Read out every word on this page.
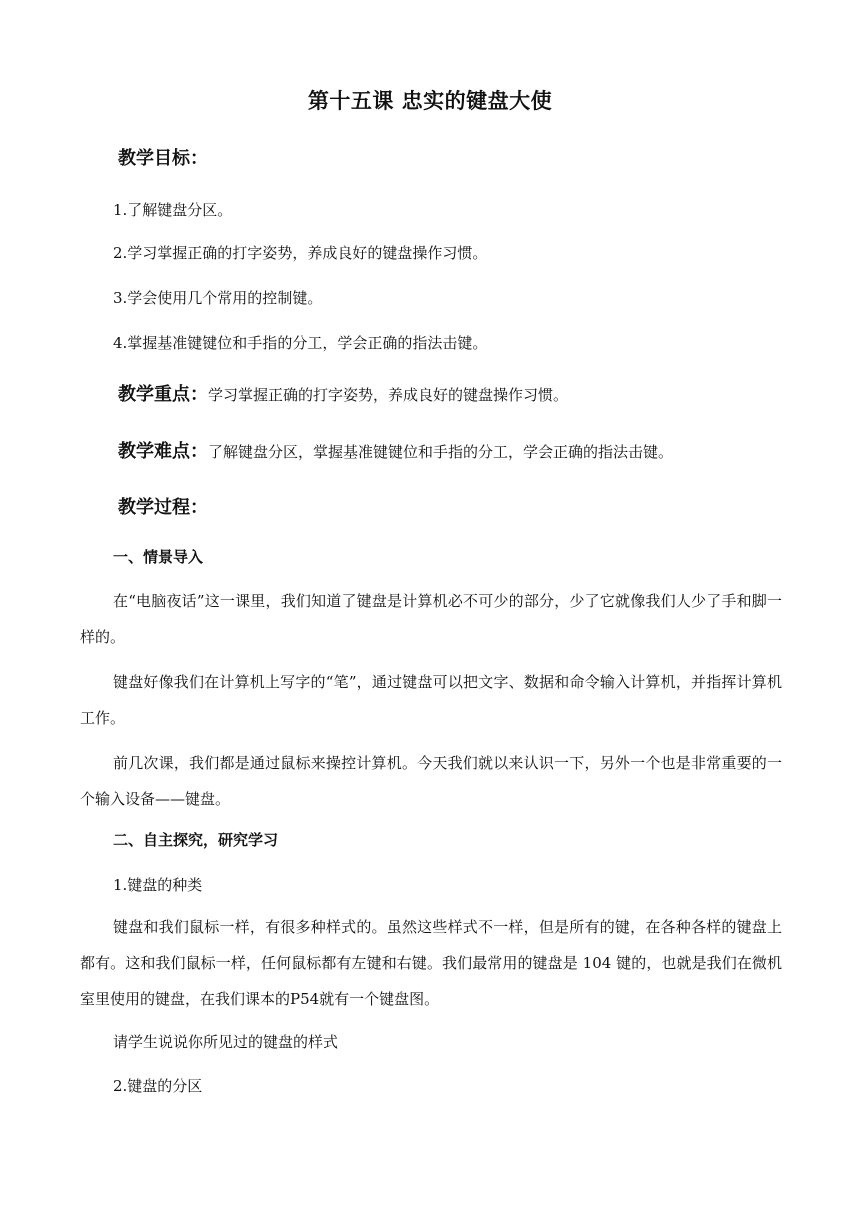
第十五课 忠实的键盘大使
教学目标：
1.了解键盘分区。
2.学习掌握正确的打字姿势，养成良好的键盘操作习惯。
3.学会使用几个常用的控制键。
4.掌握基准键键位和手指的分工，学会正确的指法击键。
教学重点：学习掌握正确的打字姿势，养成良好的键盘操作习惯。
教学难点：了解键盘分区，掌握基准键键位和手指的分工，学会正确的指法击键。
教学过程：
一、情景导入
在“电脑夜话”这一课里，我们知道了键盘是计算机必不可少的部分，少了它就像我们人少了手和脚一样的。
键盘好像我们在计算机上写字的“笔”，通过键盘可以把文字、数据和命令输入计算机，并指挥计算机工作。
前几次课，我们都是通过鼠标来操控计算机。今天我们就以来认识一下，另外一个也是非常重要的一个输入设备——键盘。
二、自主探究，研究学习
1.键盘的种类
键盘和我们鼠标一样，有很多种样式的。虽然这些样式不一样，但是所有的键，在各种各样的键盘上都有。这和我们鼠标一样，任何鼠标都有左键和右键。我们最常用的键盘是 104 键的，也就是我们在微机室里使用的键盘，在我们课本的P54就有一个键盘图。
请学生说说你所见过的键盘的样式
2.键盘的分区
